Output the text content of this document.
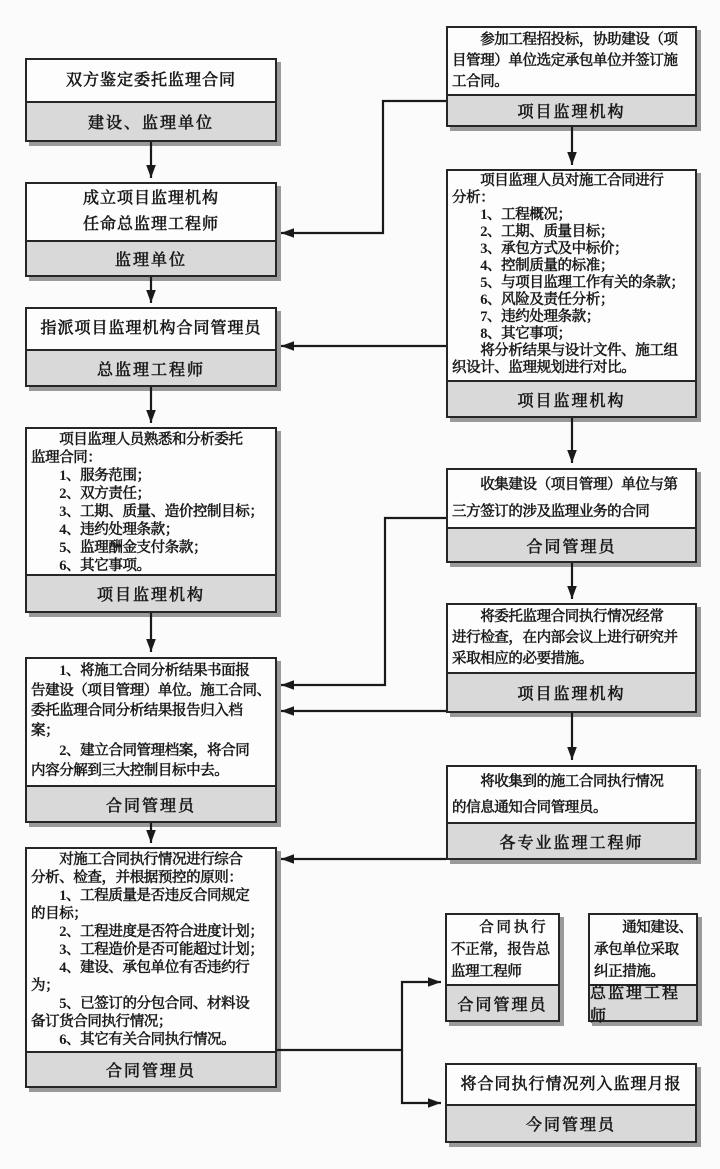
双方鉴定委托监理合同
建设、监理单位
成立项目监理机构
任命总监理工程师
监理单位
指派项目监理机构合同管理员
总监理工程师
　　项目监理人员熟悉和分析委托
监理合同：
　　1、服务范围；
　　2、双方责任；
　　3、工期、质量、造价控制目标；
　　4、违约处理条款；
　　5、监理酬金支付条款；
　　6、其它事项。
项目监理机构
　　1、将施工合同分析结果书面报
告建设（项目管理）单位。施工合同、
委托监理合同分析结果报告归入档
案；
　　2、建立合同管理档案，将合同
内容分解到三大控制目标中去。
合同管理员
　　对施工合同执行情况进行综合
分析、检查，并根据预控的原则：
　　1、工程质量是否违反合同规定
的目标；
　　2、工程进度是否符合进度计划；
　　3、工程造价是否可能超过计划；
　　4、建设、承包单位有否违约行
为；
　　5、已签订的分包合同、材料设
备订货合同执行情况；
　　6、其它有关合同执行情况。
合同管理员
　　参加工程招投标，协助建设（项
目管理）单位选定承包单位并签订施
工合同。
项目监理机构
　　项目监理人员对施工合同进行
分析：
　　1、工程概况；
　　2、工期、质量目标；
　　3、承包方式及中标价；
　　4、控制质量的标准；
　　5、与项目监理工作有关的条款；
　　6、风险及责任分析；
　　7、违约处理条款；
　　8、其它事项；
　　将分析结果与设计文件、施工组
织设计、监理规划进行对比。
项目监理机构
　　收集建设（项目管理）单位与第
三方签订的涉及监理业务的合同
合同管理员
　　将委托监理合同执行情况经常
进行检查，在内部会议上进行研究并
采取相应的必要措施。
项目监理机构
　　将收集到的施工合同执行情况
的信息通知合同管理员。
各专业监理工程师
　　合 同 执 行
不正常，报告总
监理工程师
合同管理员
　　通知建设、
承包单位采取
纠正措施。
总监理工程师
将合同执行情况列入监理月报
今同管理员
